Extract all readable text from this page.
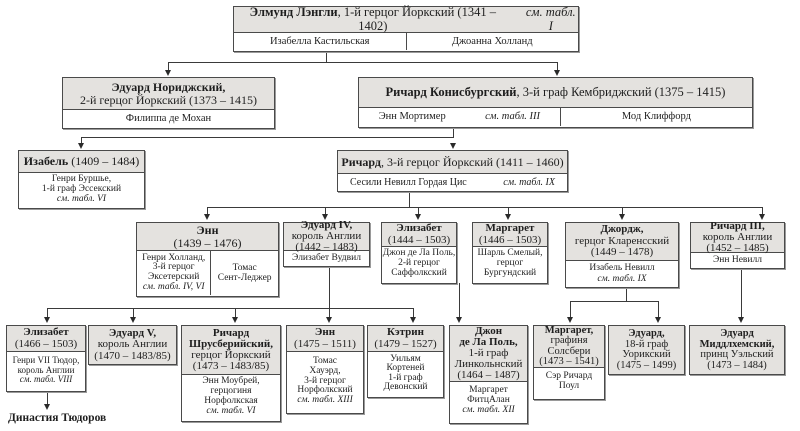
Элмунд Лэнгли, 1-й герцог Йоркский (1341 – 1402)
см. табл. I
Изабелла Кастильская	Джоанна Холланд
Эдуард Нориджский,
2-й герцог Йоркский (1373 – 1415)
Филиппа де Мохан
Ричард Конисбургский, 3-й граф Кембриджский (1375 – 1415)
Энн Мортимер	см. табл. III	Мод Клиффорд
Изабель (1409 – 1484)
Генри Буршье,
1-й граф Эссекский
см. табл. VI
Ричард, 3-й герцог Йоркский (1411 – 1460)
Сесили Невилл Гордая Цис	см. табл. IX
Энн
(1439 – 1476)
Генри Холланд,
3-й герцог
Эксетерский
см. табл. IV, VI
Томас
Сент-Леджер
Эдуард IV,
король Англии
(1442 – 1483)
Элизабет Вудвил
Элизабет
(1444 – 1503)
Джон де Ла Поль,
2-й герцог
Саффолкский
Маргарет
(1446 – 1503)
Шарль Смелый,
герцог
Бургундский
Джордж,
герцог Кларенсский
(1449 – 1478)
Изабель Невилл
см. табл. IX
Ричард III,
король Англии
(1452 – 1485)
Энн Невилл
Элизабет
(1466 – 1503)
Генри VII Тюдор,
король Англии
см. табл. VIII
Эдуард V,
король Англии
(1470 – 1483/85)
Ричард
Шрусберийский,
герцог Йоркский
(1473 – 1483/85)
Энн Моубрей,
герцогиня
Норфолкская
см. табл. VI
Энн
(1475 – 1511)
Томас
Хауэрд,
3-й герцог
Норфолкский
см. табл. XIII
Кэтрин
(1479 – 1527)
Уильям
Кортеней
1-й граф
Девонский
Джон
де Ла Поль,
1-й граф
Линкольнский
(1464 – 1487)
Маргарет
ФитцАлан
см. табл. XII
Маргарет,
графиня
Солсбери
(1473 – 1541)
Сэр Ричард
Поул
Эдуард,
18-й граф
Уорикский
(1475 – 1499)
Эдуард
Миддлхемский,
принц Уэльский
(1473 – 1484)
Династия Тюдоров
